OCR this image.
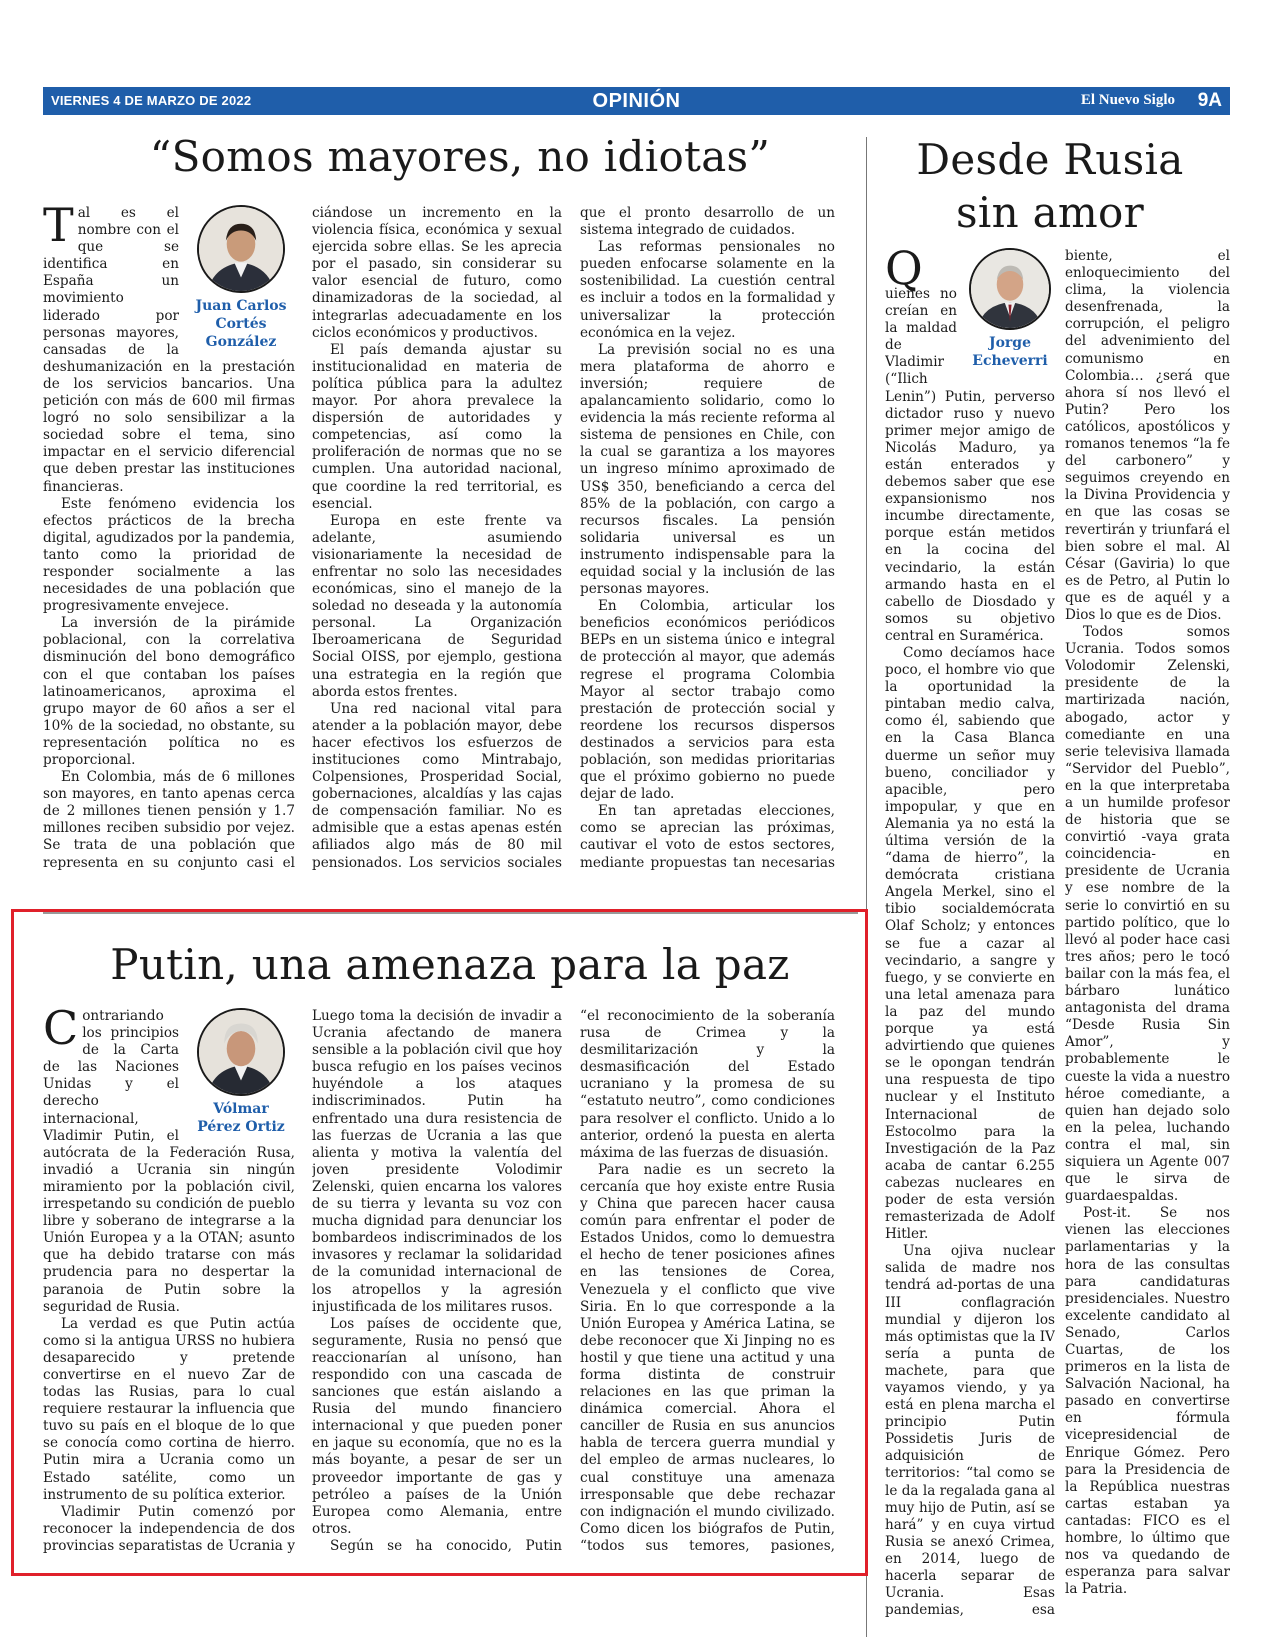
VIERNES 4 DE MARZO DE 2022	OPINIÓN	El Nuevo Siglo 9A
“Somos mayores, no idiotas”
Juan Carlos
Cortés
González

Tal es el nombre con el que se identifica en España un movimiento liderado por personas mayores, cansadas de la deshumanización en la prestación de los servicios bancarios. Una petición con más de 600 mil firmas logró no solo sensibilizar a la sociedad sobre el tema, sino impactar en el servicio diferencial que deben prestar las instituciones financieras.

Este fenómeno evidencia los efectos prácticos de la brecha digital, agudizados por la pandemia, tanto como la prioridad de responder socialmente a las necesidades de una población que progresivamente envejece.

La inversión de la pirámide poblacional, con la correlativa disminución del bono demográfico con el que contaban los países latinoamericanos, aproxima el grupo mayor de 60 años a ser el 10% de la sociedad, no obstante, su representación política no es proporcional.

En Colombia, más de 6 millones son mayores, en tanto apenas cerca de 2 millones tienen pensión y 1.7 millones reciben subsidio por vejez. Se trata de una población que representa en su conjunto casi el

ciándose un incremento en la violencia física, económica y sexual ejercida sobre ellas. Se les aprecia por el pasado, sin considerar su valor esencial de futuro, como dinamizadoras de la sociedad, al integrarlas adecuadamente en los ciclos económicos y productivos.

El país demanda ajustar su institucionalidad en materia de política pública para la adultez mayor. Por ahora prevalece la dispersión de autoridades y competencias, así como la proliferación de normas que no se cumplen. Una autoridad nacional, que coordine la red territorial, es esencial.

Europa en este frente va adelante, asumiendo visionariamente la necesidad de enfrentar no solo las necesidades económicas, sino el manejo de la soledad no deseada y la autonomía personal. La Organización Iberoamericana de Seguridad Social OISS, por ejemplo, gestiona una estrategia en la región que aborda estos frentes.

Una red nacional vital para atender a la población mayor, debe hacer efectivos los esfuerzos de instituciones como Mintrabajo, Colpensiones, Prosperidad Social, gobernaciones, alcaldías y las cajas de compensación familiar. No es admisible que a estas apenas estén afiliados algo más de 80 mil pensionados. Los servicios sociales

que el pronto desarrollo de un sistema integrado de cuidados.

Las reformas pensionales no pueden enfocarse solamente en la sostenibilidad. La cuestión central es incluir a todos en la formalidad y universalizar la protección económica en la vejez.

La previsión social no es una mera plataforma de ahorro e inversión; requiere de apalancamiento solidario, como lo evidencia la más reciente reforma al sistema de pensiones en Chile, con la cual se garantiza a los mayores un ingreso mínimo aproximado de US$ 350, beneficiando a cerca del 85% de la población, con cargo a recursos fiscales. La pensión solidaria universal es un instrumento indispensable para la equidad social y la inclusión de las personas mayores.

En Colombia, articular los beneficios económicos periódicos BEPs en un sistema único e integral de protección al mayor, que además regrese el programa Colombia Mayor al sector trabajo como prestación de protección social y reordene los recursos dispersos destinados a servicios para esta población, son medidas prioritarias que el próximo gobierno no puede dejar de lado.

En tan apretadas elecciones, como se aprecian las próximas, cautivar el voto de estos sectores, mediante propuestas tan necesarias

Desde Rusia
sin amor
Jorge
Echeverri

Q
uienes no creían en la maldad de Vladimir (“Ilich Lenin”) Putin, perverso dictador ruso y nuevo primer mejor amigo de Nicolás Maduro, ya están enterados y debemos saber que ese expansionismo nos incumbe directamente, porque están metidos en la cocina del vecindario, la están armando hasta en el cabello de Diosdado y somos su objetivo central en Suramérica.

Como decíamos hace poco, el hombre vio que la oportunidad la pintaban medio calva, como él, sabiendo que en la Casa Blanca duerme un señor muy bueno, conciliador y apacible, pero impopular, y que en Alemania ya no está la última versión de la “dama de hierro”, la demócrata cristiana Angela Merkel, sino el tibio socialdemócrata Olaf Scholz; y entonces se fue a cazar al vecindario, a sangre y fuego, y se convierte en una letal amenaza para la paz del mundo porque ya está advirtiendo que quienes se le opongan tendrán una respuesta de tipo nuclear y el Instituto Internacional de Estocolmo para la Investigación de la Paz acaba de cantar 6.255 cabezas nucleares en poder de esta versión remasterizada de Adolf Hitler.

Una ojiva nuclear salida de madre nos tendrá ad-portas de una III conflagración mundial y dijeron los más optimistas que la IV sería a punta de machete, para que vayamos viendo, y ya está en plena marcha el principio Putin Possidetis Juris de adquisición de territorios: “tal como se le da la regalada gana al muy hijo de Putin, así se hará” y en cuya virtud Rusia se anexó Crimea, en 2014, luego de hacerla separar de Ucrania. Esas pandemias, esa

biente, el enloquecimiento del clima, la violencia desenfrenada, la corrupción, el peligro del advenimiento del comunismo en Colombia… ¿será que ahora sí nos llevó el Putin? Pero los católicos, apostólicos y romanos tenemos “la fe del carbonero” y seguimos creyendo en la Divina Providencia y en que las cosas se revertirán y triunfará el bien sobre el mal. Al César (Gaviria) lo que es de Petro, al Putin lo que es de aquél y a Dios lo que es de Dios.

Todos somos Ucrania. Todos somos Volodomir Zelenski, presidente de la martirizada nación, abogado, actor y comediante en una serie televisiva llamada “Servidor del Pueblo”, en la que interpretaba a un humilde profesor de historia que se convirtió -vaya grata coincidencia- en presidente de Ucrania y ese nombre de la serie lo convirtió en su partido político, que lo llevó al poder hace casi tres años; pero le tocó bailar con la más fea, el bárbaro lunático antagonista del drama “Desde Rusia Sin Amor”, y probablemente le cueste la vida a nuestro héroe comediante, a quien han dejado solo en la pelea, luchando contra el mal, sin siquiera un Agente 007 que le sirva de guardaespaldas.

Post-it. Se nos vienen las elecciones parlamentarias y la hora de las consultas para candidaturas presidenciales. Nuestro excelente candidato al Senado, Carlos Cuartas, de los primeros en la lista de Salvación Nacional, ha pasado en convertirse en fórmula vicepresidencial de Enrique Gómez. Pero para la Presidencia de la República nuestras cartas estaban ya cantadas: FICO es el hombre, lo último que nos va quedando de esperanza para salvar la Patria.

Putin, una amenaza para la paz
Vólmar
Pérez Ortiz

Contrariando los principios de la Carta de las Naciones Unidas y el derecho internacional, Vladimir Putin, el autócrata de la Federación Rusa, invadió a Ucrania sin ningún miramiento por la población civil, irrespetando su condición de pueblo libre y soberano de integrarse a la Unión Europea y a la OTAN; asunto que ha debido tratarse con más prudencia para no despertar la paranoia de Putin sobre la seguridad de Rusia.

La verdad es que Putin actúa como si la antigua URSS no hubiera desaparecido y pretende convertirse en el nuevo Zar de todas las Rusias, para lo cual requiere restaurar la influencia que tuvo su país en el bloque de lo que se conocía como cortina de hierro. Putin mira a Ucrania como un Estado satélite, como un instrumento de su política exterior.

Vladimir Putin comenzó por reconocer la independencia de dos provincias separatistas de Ucrania y

Luego toma la decisión de invadir a Ucrania afectando de manera sensible a la población civil que hoy busca refugio en los países vecinos huyéndole a los ataques indiscriminados. Putin ha enfrentado una dura resistencia de las fuerzas de Ucrania a las que alienta y motiva la valentía del joven presidente Volodimir Zelenski, quien encarna los valores de su tierra y levanta su voz con mucha dignidad para denunciar los bombardeos indiscriminados de los invasores y reclamar la solidaridad de la comunidad internacional de los atropellos y la agresión injustificada de los militares rusos.

Los países de occidente que, seguramente, Rusia no pensó que reaccionarían al unísono, han respondido con una cascada de sanciones que están aislando a Rusia del mundo financiero internacional y que pueden poner en jaque su economía, que no es la más boyante, a pesar de ser un proveedor importante de gas y petróleo a países de la Unión Europea como Alemania, entre otros.

Según se ha conocido, Putin

“el reconocimiento de la soberanía rusa de Crimea y la desmilitarización y la desmasificación del Estado ucraniano y la promesa de su “estatuto neutro”, como condiciones para resolver el conflicto. Unido a lo anterior, ordenó la puesta en alerta máxima de las fuerzas de disuasión.

Para nadie es un secreto la cercanía que hoy existe entre Rusia y China que parecen hacer causa común para enfrentar el poder de Estados Unidos, como lo demuestra el hecho de tener posiciones afines en las tensiones de Corea, Venezuela y el conflicto que vive Siria. En lo que corresponde a la Unión Europea y América Latina, se debe reconocer que Xi Jinping no es hostil y que tiene una actitud y una forma distinta de construir relaciones en las que priman la dinámica comercial. Ahora el canciller de Rusia en sus anuncios habla de tercera guerra mundial y del empleo de armas nucleares, lo cual constituye una amenaza irresponsable que debe rechazar con indignación el mundo civilizado. Como dicen los biógrafos de Putin, “todos sus temores, pasiones,
